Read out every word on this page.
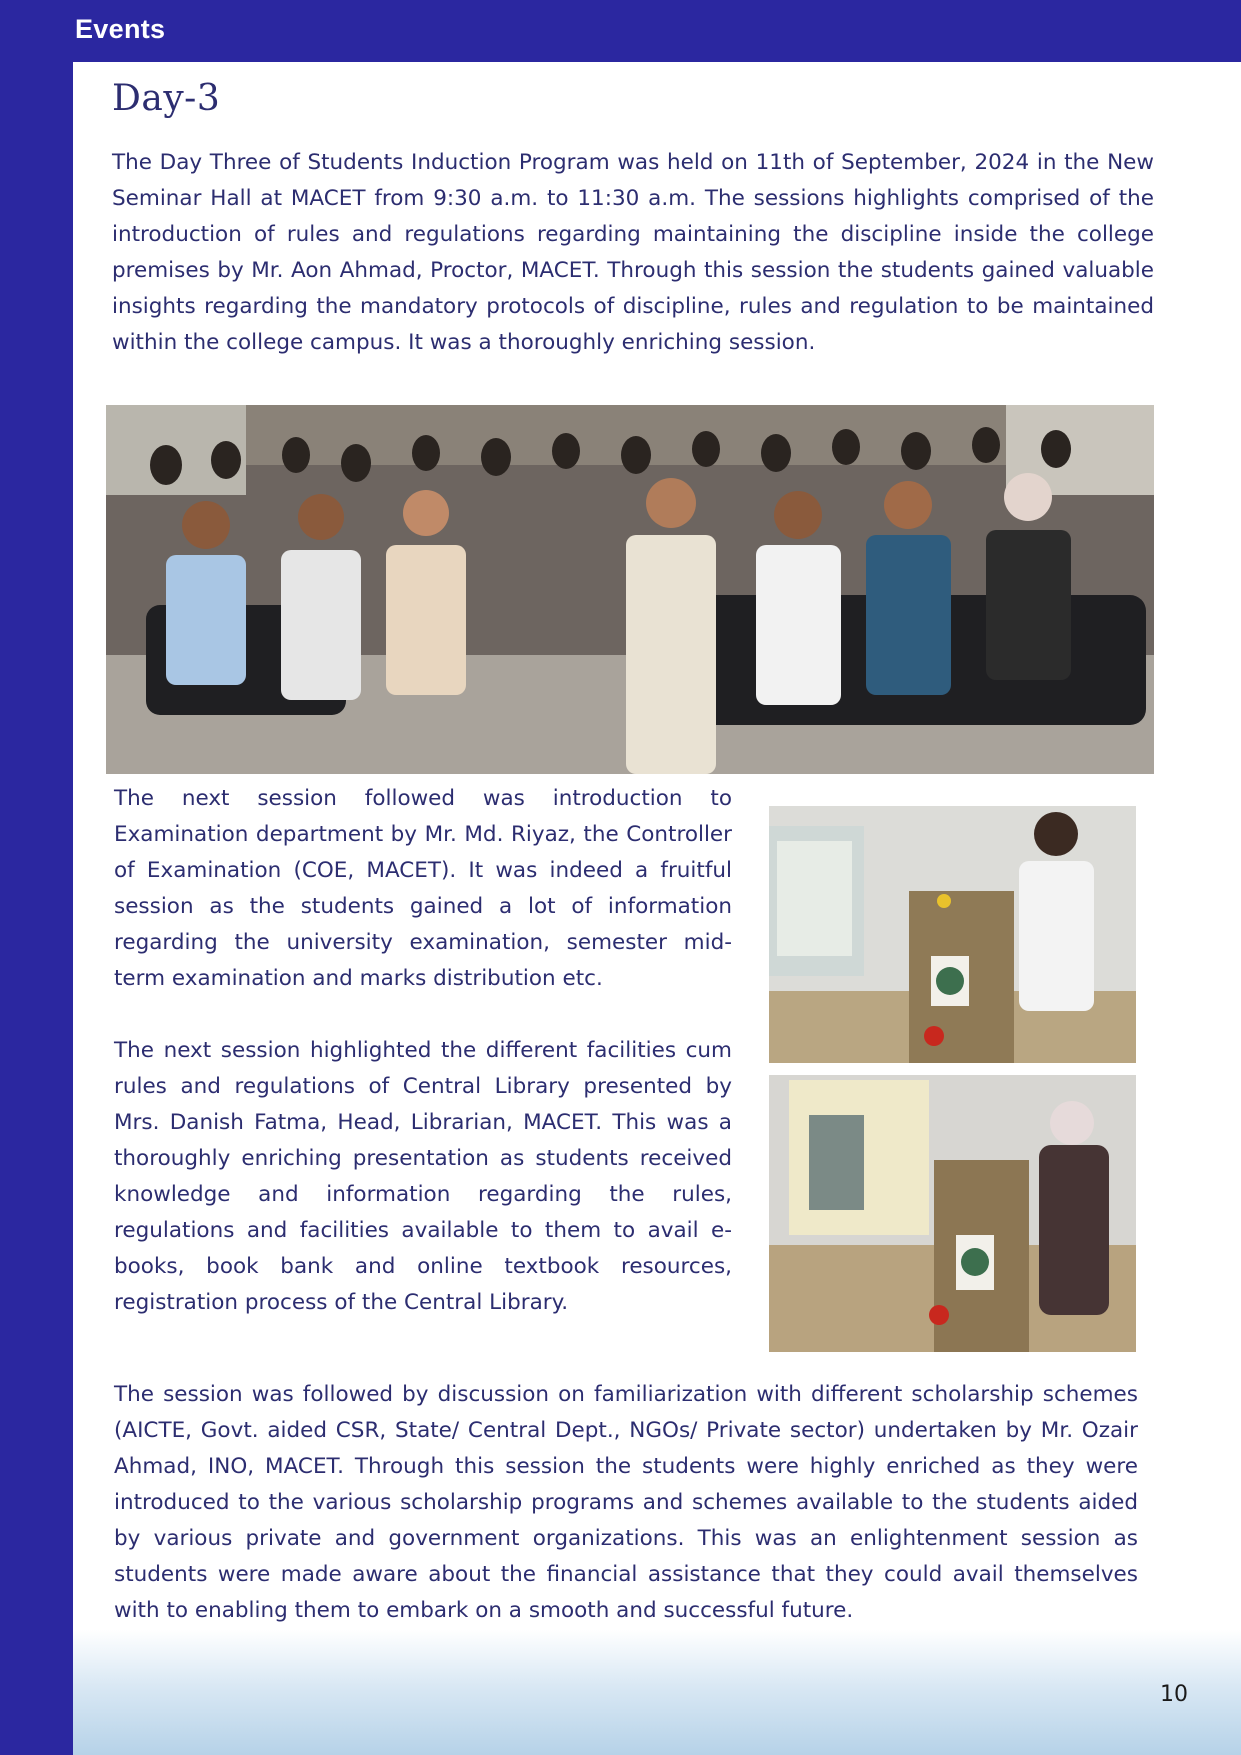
Events
Day-3

The Day Three of Students Induction Program was held on 11th of September, 2024 in the New Seminar Hall at MACET from 9:30 a.m. to 11:30 a.m. The sessions highlights comprised of the introduction of rules and regulations regarding maintaining the discipline inside the college premises by Mr. Aon Ahmad, Proctor, MACET. Through this session the students gained valuable insights regarding the mandatory protocols of discipline, rules and regulation to be maintained within the college campus. It was a thoroughly enriching session.

The next session followed was introduction to Examination department by Mr. Md. Riyaz, the Controller of Examination (COE, MACET). It was indeed a fruitful session as the students gained a lot of information regarding the university examination, semester mid-term examination and marks distribution etc.

The next session highlighted the different facilities cum rules and regulations of Central Library presented by Mrs. Danish Fatma, Head, Librarian, MACET. This was a thoroughly enriching presentation as students received knowledge and information regarding the rules, regulations and facilities available to them to avail e-books, book bank and online textbook resources, registration process of the Central Library.

The session was followed by discussion on familiarization with different scholarship schemes (AICTE, Govt. aided CSR, State/ Central Dept., NGOs/ Private sector) undertaken by Mr. Ozair Ahmad, INO, MACET. Through this session the students were highly enriched as they were introduced to the various scholarship programs and schemes available to the students aided by various private and government organizations. This was an enlightenment session as students were made aware about the financial assistance that they could avail themselves with to enabling them to embark on a smooth and successful future.

10
